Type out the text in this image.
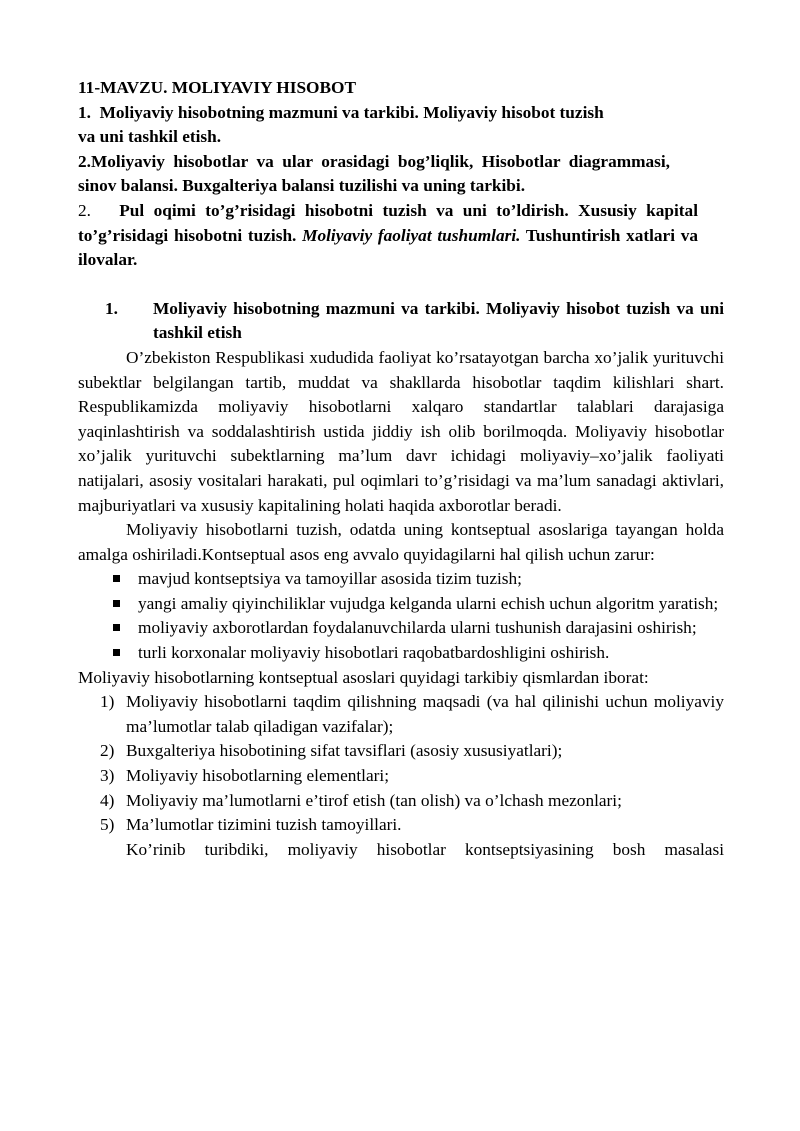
11-MAVZU. MOLIYAVIY HISOBOT

1.  Moliyaviy hisobotning mazmuni va tarkibi. Moliyaviy hisobot tuzish
va uni tashkil etish.

2.Moliyaviy hisobotlar va ular orasidagi bog’liqlik, Hisobotlar diagrammasi, sinov balansi. Buxgalteriya balansi tuzilishi va uning tarkibi.

2.   Pul oqimi to’g’risidagi hisobotni tuzish va uni to’ldirish. Xususiy kapital to’g’risidagi hisobotni tuzish. Moliyaviy faoliyat tushumlari. Tushuntirish xatlari va ilovalar.

1. Moliyaviy hisobotning mazmuni va tarkibi. Moliyaviy hisobot tuzish va uni tashkil etish

O’zbekiston Respublikasi xududida faoliyat ko’rsatayotgan barcha xo’jalik yurituvchi subektlar belgilangan tartib, muddat va shakllarda hisobotlar taqdim kilishlari shart. Respublikamizda moliyaviy hisobotlarni xalqaro standartlar talablari darajasiga yaqinlashtirish va soddalashtirish ustida jiddiy ish olib borilmoqda. Moliyaviy hisobotlar xo’jalik yurituvchi subektlarning ma’lum davr ichidagi moliyaviy–xo’jalik faoliyati natijalari, asosiy vositalari harakati, pul oqimlari to’g’risidagi va ma’lum sanadagi aktivlari, majburiyatlari va xususiy kapitalining holati haqida axborotlar beradi.

Moliyaviy hisobotlarni tuzish, odatda uning kontseptual asoslariga tayangan holda amalga oshiriladi.Kontseptual asos eng avvalo quyidagilarni hal qilish uchun zarur:

mavjud kontseptsiya va tamoyillar asosida tizim tuzish;
yangi amaliy qiyinchiliklar vujudga kelganda ularni echish uchun algoritm yaratish;
moliyaviy axborotlardan foydalanuvchilarda ularni tushunish darajasini oshirish;
turli korxonalar moliyaviy hisobotlari raqobatbardoshligini oshirish.

Moliyaviy hisobotlarning kontseptual asoslari quyidagi tarkibiy qismlardan iborat:

1) Moliyaviy hisobotlarni taqdim qilishning maqsadi (va hal qilinishi uchun moliyaviy ma’lumotlar talab qiladigan vazifalar);
2) Buxgalteriya hisobotining sifat tavsiflari (asosiy xususiyatlari);
3) Moliyaviy hisobotlarning elementlari;
4) Moliyaviy ma’lumotlarni e’tirof etish (tan olish) va o’lchash mezonlari;
5) Ma’lumotlar tizimini tuzish tamoyillari.

Ko’rinib turibdiki, moliyaviy hisobotlar kontseptsiyasining bosh masalasi
